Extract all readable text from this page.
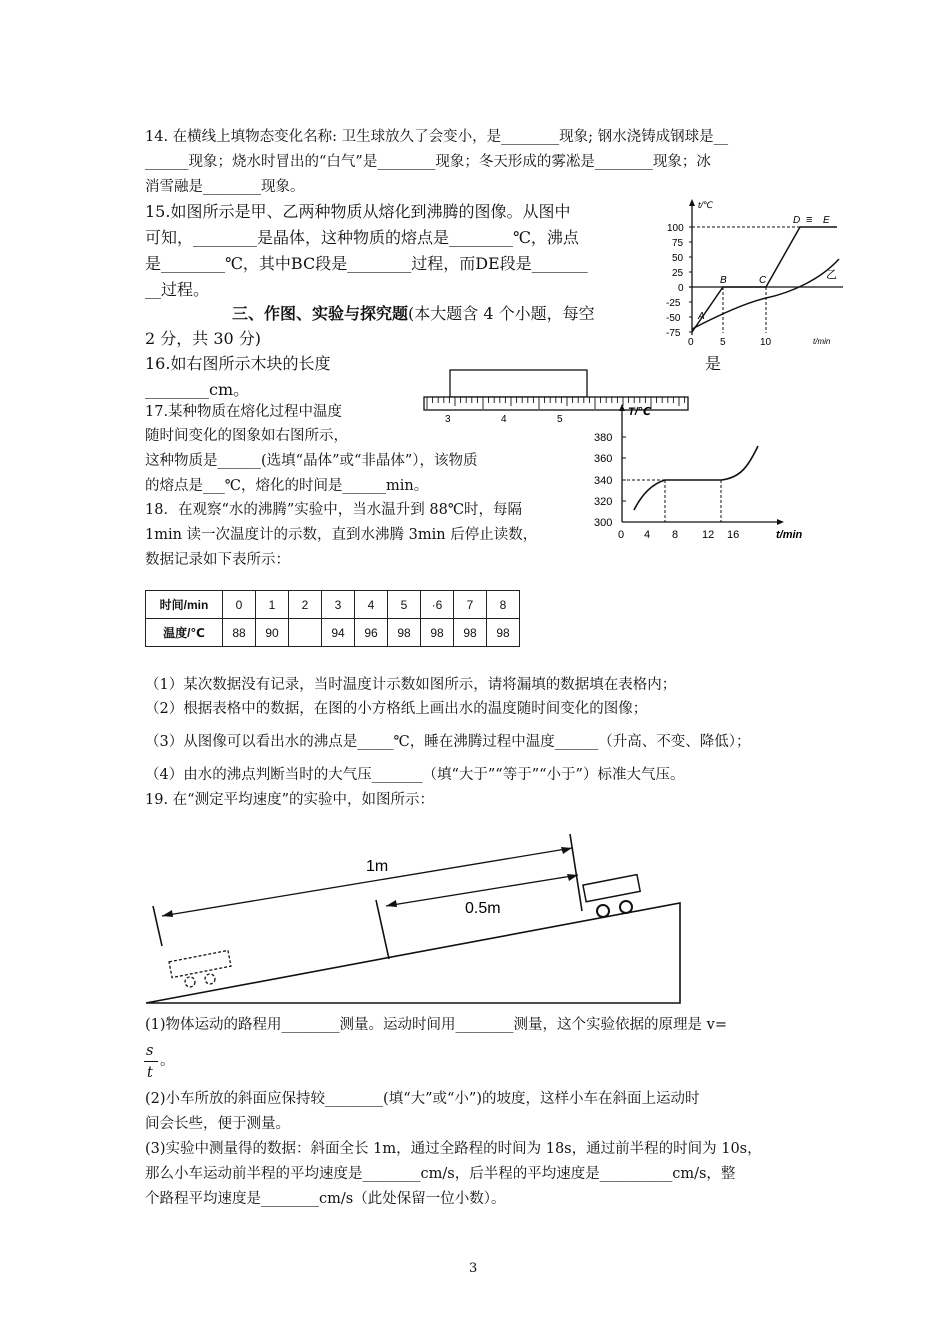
14. 在横线上填物态变化名称: 卫生球放久了会变小，是________现象; 钢水浇铸成钢球是__
______现象；烧水时冒出的“白气”是________现象；冬天形成的雾凇是________现象；冰
消雪融是________现象。
15.如图所示是甲、乙两种物质从熔化到沸腾的图像。从图中
可知，________是晶体，这种物质的熔点是________℃，沸点
是________℃，其中BC段是________过程，而DE段是_______
__过程。
三、作图、实验与探究题(本大题含 4 个小题，每空
2 分，共 30 分)
16.如右图所示木块的长度	是
________cm。
17.某种物质在熔化过程中温度
随时间变化的图象如右图所示，
这种物质是______(选填“晶体”或“非晶体”），该物质
的熔点是___℃，熔化的时间是______min。
18．在观察“水的沸腾”实验中，当水温升到 88℃时，每隔
1min 读一次温度计的示数，直到水沸腾 3min 后停止读数，
数据记录如下表所示：
时间/min	0	1	2	3	4	5	·6	7	8
温度/℃	88	90		94	96	98	98	98	98
（1）某次数据没有记录，当时温度计示数如图所示，请将漏填的数据填在表格内；
（2）根据表格中的数据，在图的小方格纸上画出水的温度随时间变化的图像；
（3）从图像可以看出水的沸点是_____℃，睡在沸腾过程中温度______（升高、不变、降低）；
（4）由水的沸点判断当时的大气压_______（填“大于”“等于”“小于”）标准大气压。
19. 在“测定平均速度”的实验中，如图所示：
(1)物体运动的路程用________测量。运动时间用________测量，这个实验依据的原理是 v=
s
t
。
(2)小车所放的斜面应保持较________(填“大”或“小”)的坡度，这样小车在斜面上运动时
间会长些，便于测量。
(3)实验中测量得的数据：斜面全长 1m，通过全路程的时间为 18s，通过前半程的时间为 10s，
那么小车运动前半程的平均速度是________cm/s，后半程的平均速度是__________cm/s，整
个路程平均速度是________cm/s（此处保留一位小数）。
3
100
75
50
25
0
-25
-50
-75
0	5	10
t/℃
t/min
A
B	C
D ≡ E
乙
3	4	5
380
360
340
320
300
0 4 8 12 16
T/℃
t/min
1m
0.5m
